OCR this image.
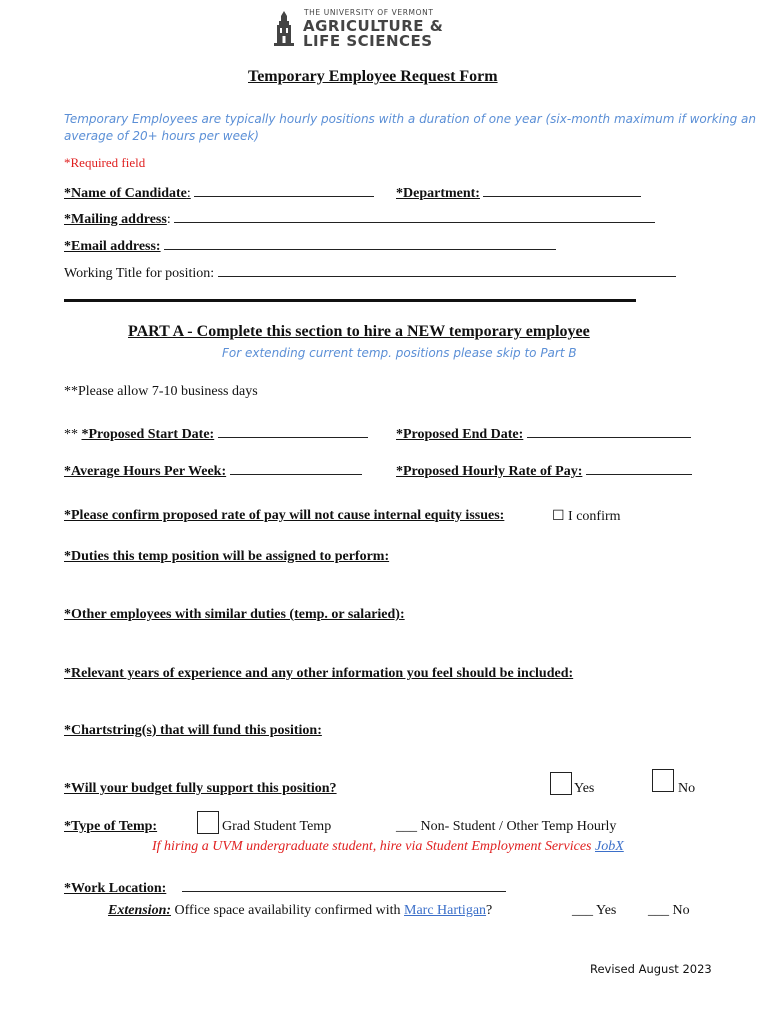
THE UNIVERSITY OF VERMONT
AGRICULTURE &
LIFE SCIENCES
Temporary Employee Request Form
Temporary Employees are typically hourly positions with a duration of one year (six-month maximum if working an
average of 20+ hours per week)
*Required field
*Name of Candidate:	*Department:
*Mailing address:
*Email address:
Working Title for position:
PART A - Complete this section to hire a NEW temporary employee
For extending current temp. positions please skip to Part B
**Please allow 7-10 business days
** *Proposed Start Date:	*Proposed End Date:
*Average Hours Per Week:	*Proposed Hourly Rate of Pay:
*Please confirm proposed rate of pay will not cause internal equity issues:	☐ I confirm
*Duties this temp position will be assigned to perform:
*Other employees with similar duties (temp. or salaried):
*Relevant years of experience and any other information you feel should be included:
*Chartstring(s) that will fund this position:
*Will your budget fully support this position?	Yes	No
*Type of Temp:	Grad Student Temp	___ Non- Student / Other Temp Hourly
If hiring a UVM undergraduate student, hire via Student Employment Services JobX
*Work Location:
Extension: Office space availability confirmed with Marc Hartigan?	___ Yes ___ No
Revised August 2023
